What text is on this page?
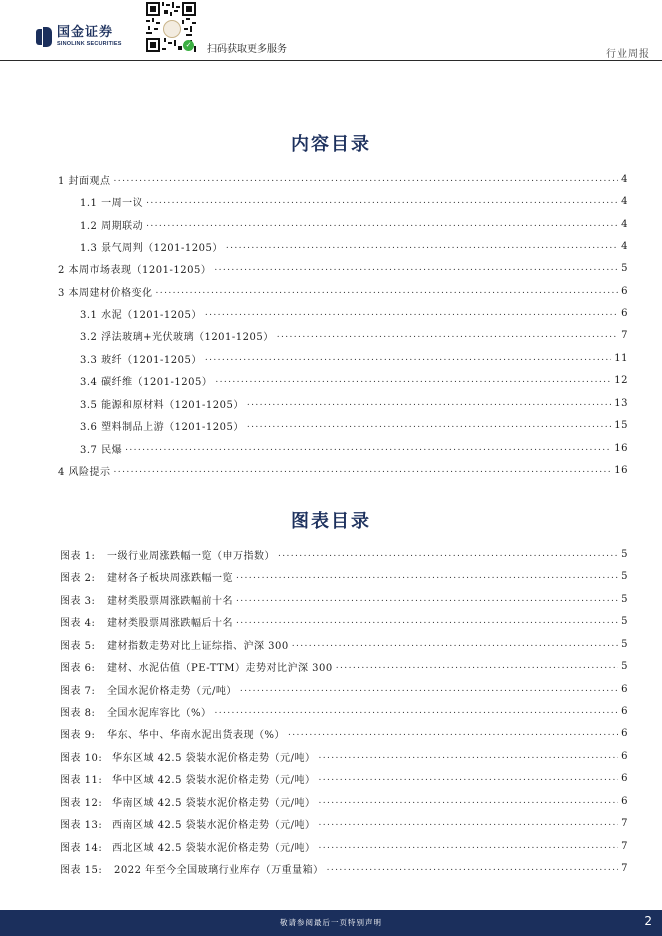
国金证券
SINOLINK SECURITIES	✓ 扫码获取更多服务	行业周报
内容目录
1 封面观点 .....	4
1.1 一周一议 .....	4
1.2 周期联动 .....	4
1.3 景气周判（1201-1205） .....	4
2 本周市场表现（1201-1205） .....	5
3 本周建材价格变化 .....	6
3.1 水泥（1201-1205） .....	6
3.2 浮法玻璃+光伏玻璃（1201-1205） .....	7
3.3 玻纤（1201-1205） .....	11
3.4 碳纤维（1201-1205） .....	12
3.5 能源和原材料（1201-1205） .....	13
3.6 塑料制品上游（1201-1205） .....	15
3.7 民爆 .....	16
4 风险提示 .....	16
图表目录
图表 1:	一级行业周涨跌幅一览（申万指数） .....	5
图表 2:	建材各子板块周涨跌幅一览 .....	5
图表 3:	建材类股票周涨跌幅前十名 .....	5
图表 4:	建材类股票周涨跌幅后十名 .....	5
图表 5:	建材指数走势对比上证综指、沪深 300 .....	5
图表 6:	建材、水泥估值（PE-TTM）走势对比沪深 300 .....	5
图表 7:	全国水泥价格走势（元/吨） .....	6
图表 8:	全国水泥库容比（%） .....	6
图表 9:	华东、华中、华南水泥出货表现（%） .....	6
图表 10: 华东区域 42.5 袋装水泥价格走势（元/吨） .....	6
图表 11: 华中区域 42.5 袋装水泥价格走势（元/吨） .....	6
图表 12: 华南区域 42.5 袋装水泥价格走势（元/吨） .....	6
图表 13: 西南区域 42.5 袋装水泥价格走势（元/吨） .....	7
图表 14: 西北区域 42.5 袋装水泥价格走势（元/吨） .....	7
图表 15:	2022 年至今全国玻璃行业库存（万重量箱） .....	7
敬请参阅最后一页特别声明	2
